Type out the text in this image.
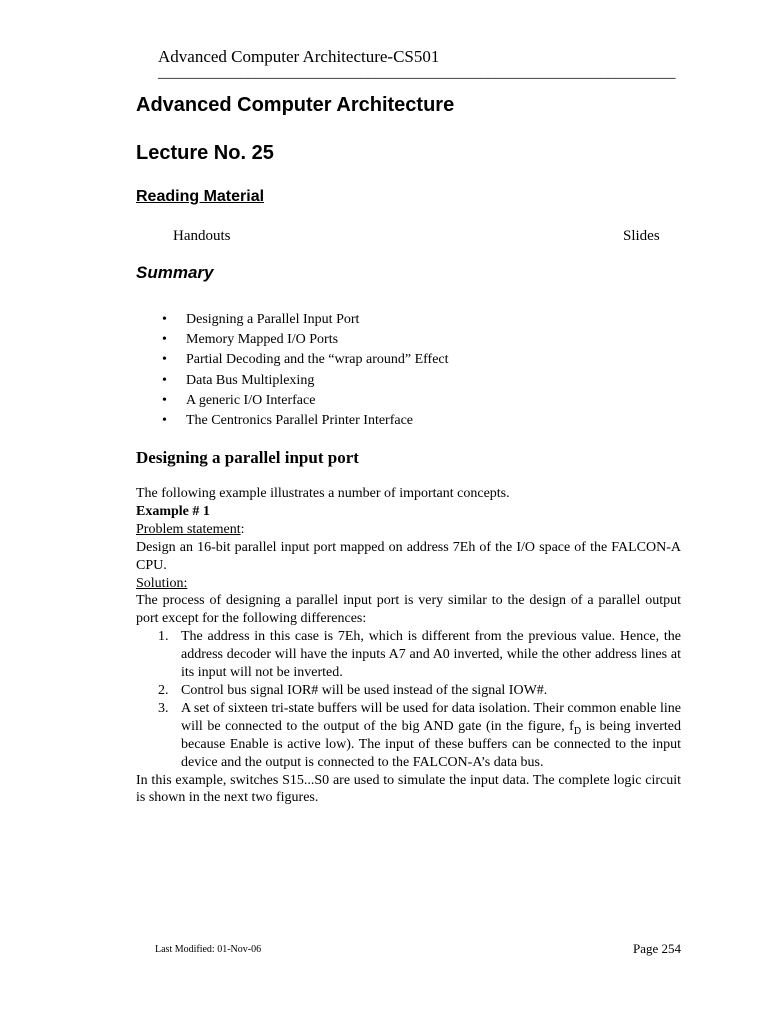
Advanced Computer Architecture-CS501
_____________________________________________________________________
Advanced Computer Architecture
Lecture No. 25
Reading Material
Handouts	Slides
Summary
• Designing a Parallel Input Port
• Memory Mapped I/O Ports
• Partial Decoding and the “wrap around” Effect
• Data Bus Multiplexing
• A generic I/O Interface
• The Centronics Parallel Printer Interface
Designing a parallel input port

The following example illustrates a number of important concepts.

Example # 1

Problem statement:

Design an 16-bit parallel input port mapped on address 7Eh of the I/O space of the FALCON-A CPU.

Solution:

The process of designing a parallel input port is very similar to the design of a parallel output port except for the following differences:

1. The address in this case is 7Eh, which is different from the previous value. Hence, the address decoder will have the inputs A7 and A0 inverted, while the other address lines at its input will not be inverted.
2. Control bus signal IOR# will be used instead of the signal IOW#.
3. A set of sixteen tri-state buffers will be used for data isolation. Their common enable line will be connected to the output of the big AND gate (in the figure, $f_D$ is being inverted because Enable is active low). The input of these buffers can be connected to the input device and the output is connected to the FALCON-A’s data bus.

In this example, switches S15...S0 are used to simulate the input data. The complete logic circuit is shown in the next two figures.

Last Modified: 01-Nov-06	Page 254
